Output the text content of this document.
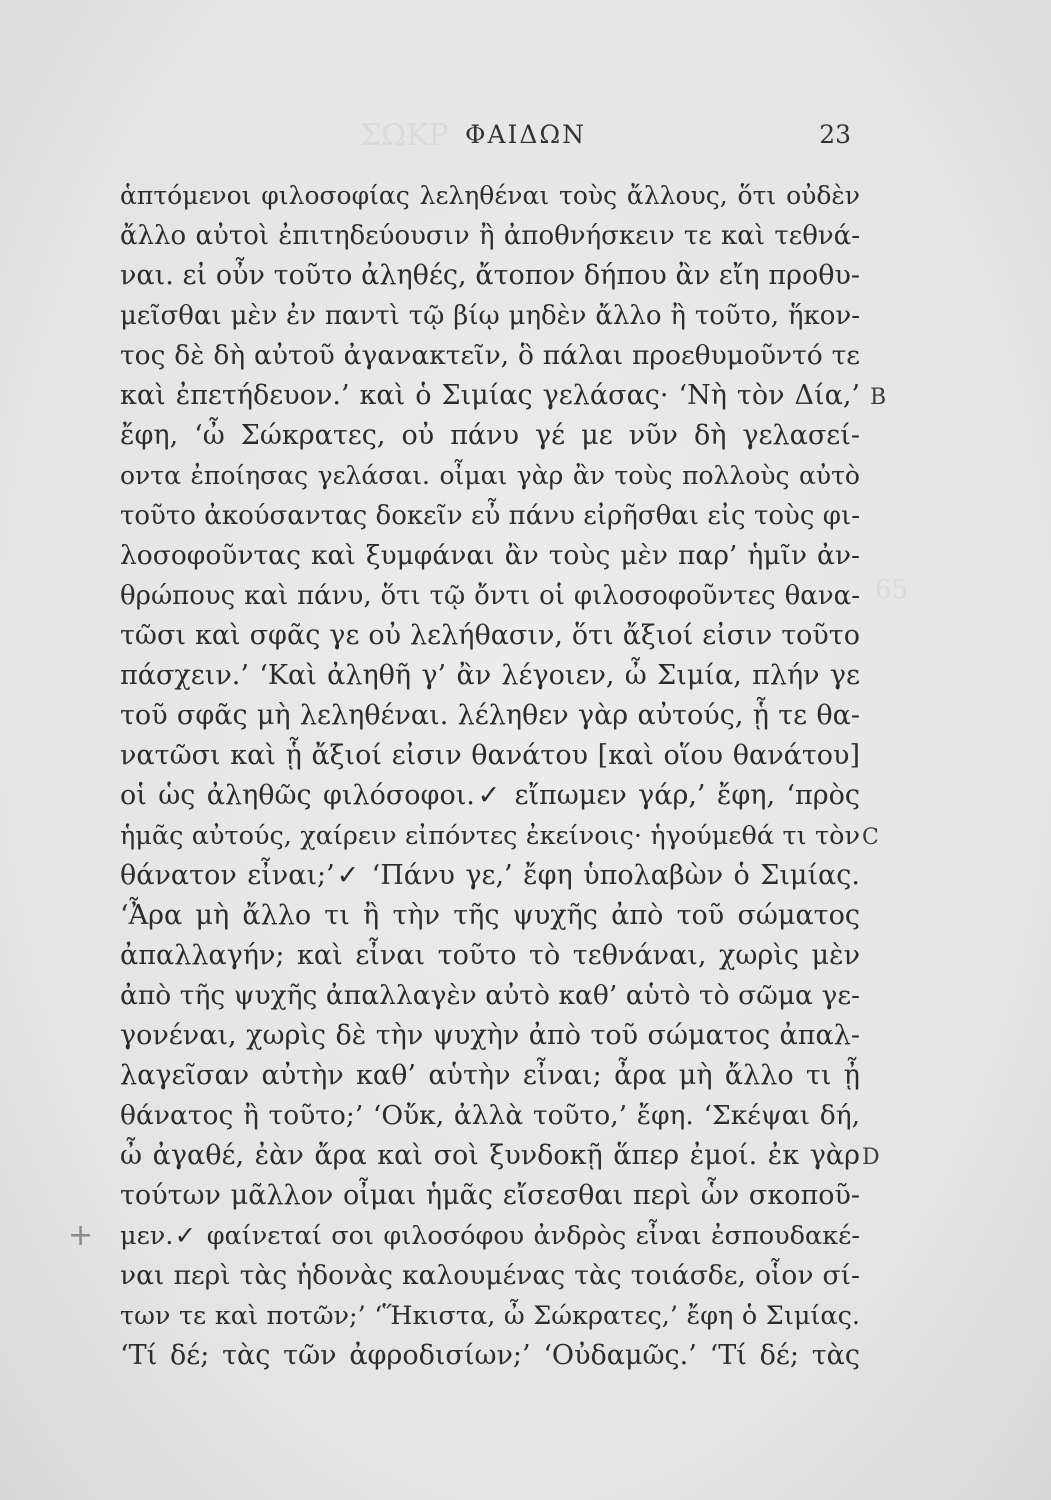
ΣΩΚΡ
65
ΦΑΙΔΩΝ	23
ἁπτόμενοι φιλοσοφίας λεληθέναι τοὺς ἄλλους, ὅτι οὐδὲν
ἄλλο αὐτοὶ ἐπιτηδεύουσιν ἢ ἀποθνήσκειν τε καὶ τεθνά-
ναι. εἰ οὖν τοῦτο ἀληθές, ἄτοπον δήπου ἂν εἴη προθυ-
μεῖσθαι μὲν ἐν παντὶ τῷ βίῳ μηδὲν ἄλλο ἢ τοῦτο, ἥκον-
τος δὲ δὴ αὐτοῦ ἀγανακτεῖν, ὃ πάλαι προεθυμοῦντό τε
καὶ ἐπετήδευον.’ καὶ ὁ Σιμίας γελάσας· ‘Νὴ τὸν Δία,’
ἔφη, ‘ὦ Σώκρατες, οὐ πάνυ γέ με νῦν δὴ γελασεί-
οντα ἐποίησας γελάσαι. οἶμαι γὰρ ἂν τοὺς πολλοὺς αὐτὸ
τοῦτο ἀκούσαντας δοκεῖν εὖ πάνυ εἰρῆσθαι εἰς τοὺς φι-
λοσοφοῦντας καὶ ξυμφάναι ἂν τοὺς μὲν παρ’ ἡμῖν ἀν-
θρώπους καὶ πάνυ, ὅτι τῷ ὄντι οἱ φιλοσοφοῦντες θανα-
τῶσι καὶ σφᾶς γε οὐ λελήθασιν, ὅτι ἄξιοί εἰσιν τοῦτο
πάσχειν.’ ‘Καὶ ἀληθῆ γ’ ἂν λέγοιεν, ὦ Σιμία, πλήν γε
τοῦ σφᾶς μὴ λεληθέναι. λέληθεν γὰρ αὐτούς, ᾗ τε θα-
νατῶσι καὶ ᾗ ἄξιοί εἰσιν θανάτου [καὶ οἵου θανάτου]
οἱ ὡς ἀληθῶς φιλόσοφοι.✓ εἴπωμεν γάρ,’ ἔφη, ‘πρὸς
ἡμᾶς αὐτούς, χαίρειν εἰπόντες ἐκείνοις· ἡγούμεθά τι τὸν
θάνατον εἶναι;’✓ ‘Πάνυ γε,’ ἔφη ὑπολαβὼν ὁ Σιμίας.
‘Ἆρα μὴ ἄλλο τι ἢ τὴν τῆς ψυχῆς ἀπὸ τοῦ σώματος
ἀπαλλαγήν; καὶ εἶναι τοῦτο τὸ τεθνάναι, χωρὶς μὲν
ἀπὸ τῆς ψυχῆς ἀπαλλαγὲν αὐτὸ καθ’ αὑτὸ τὸ σῶμα γε-
γονέναι, χωρὶς δὲ τὴν ψυχὴν ἀπὸ τοῦ σώματος ἀπαλ-
λαγεῖσαν αὐτὴν καθ’ αὑτὴν εἶναι; ἆρα μὴ ἄλλο τι ᾖ
θάνατος ἢ τοῦτο;’ ‘Οὔκ, ἀλλὰ τοῦτο,’ ἔφη. ‘Σκέψαι δή,
ὦ ἀγαθέ, ἐὰν ἄρα καὶ σοὶ ξυνδοκῇ ἅπερ ἐμοί. ἐκ γὰρ
τούτων μᾶλλον οἶμαι ἡμᾶς εἴσεσθαι περὶ ὧν σκοποῦ-
μεν.✓ φαίνεταί σοι φιλοσόφου ἀνδρὸς εἶναι ἐσπουδακέ-
ναι περὶ τὰς ἡδονὰς καλουμένας τὰς τοιάσδε, οἷον σί-
των τε καὶ ποτῶν;’ ‘Ἥκιστα, ὦ Σώκρατες,’ ἔφη ὁ Σιμίας.
‘Τί δέ; τὰς τῶν ἀφροδισίων;’ ‘Οὐδαμῶς.’ ‘Τί δέ; τὰς
B
C
D
+
